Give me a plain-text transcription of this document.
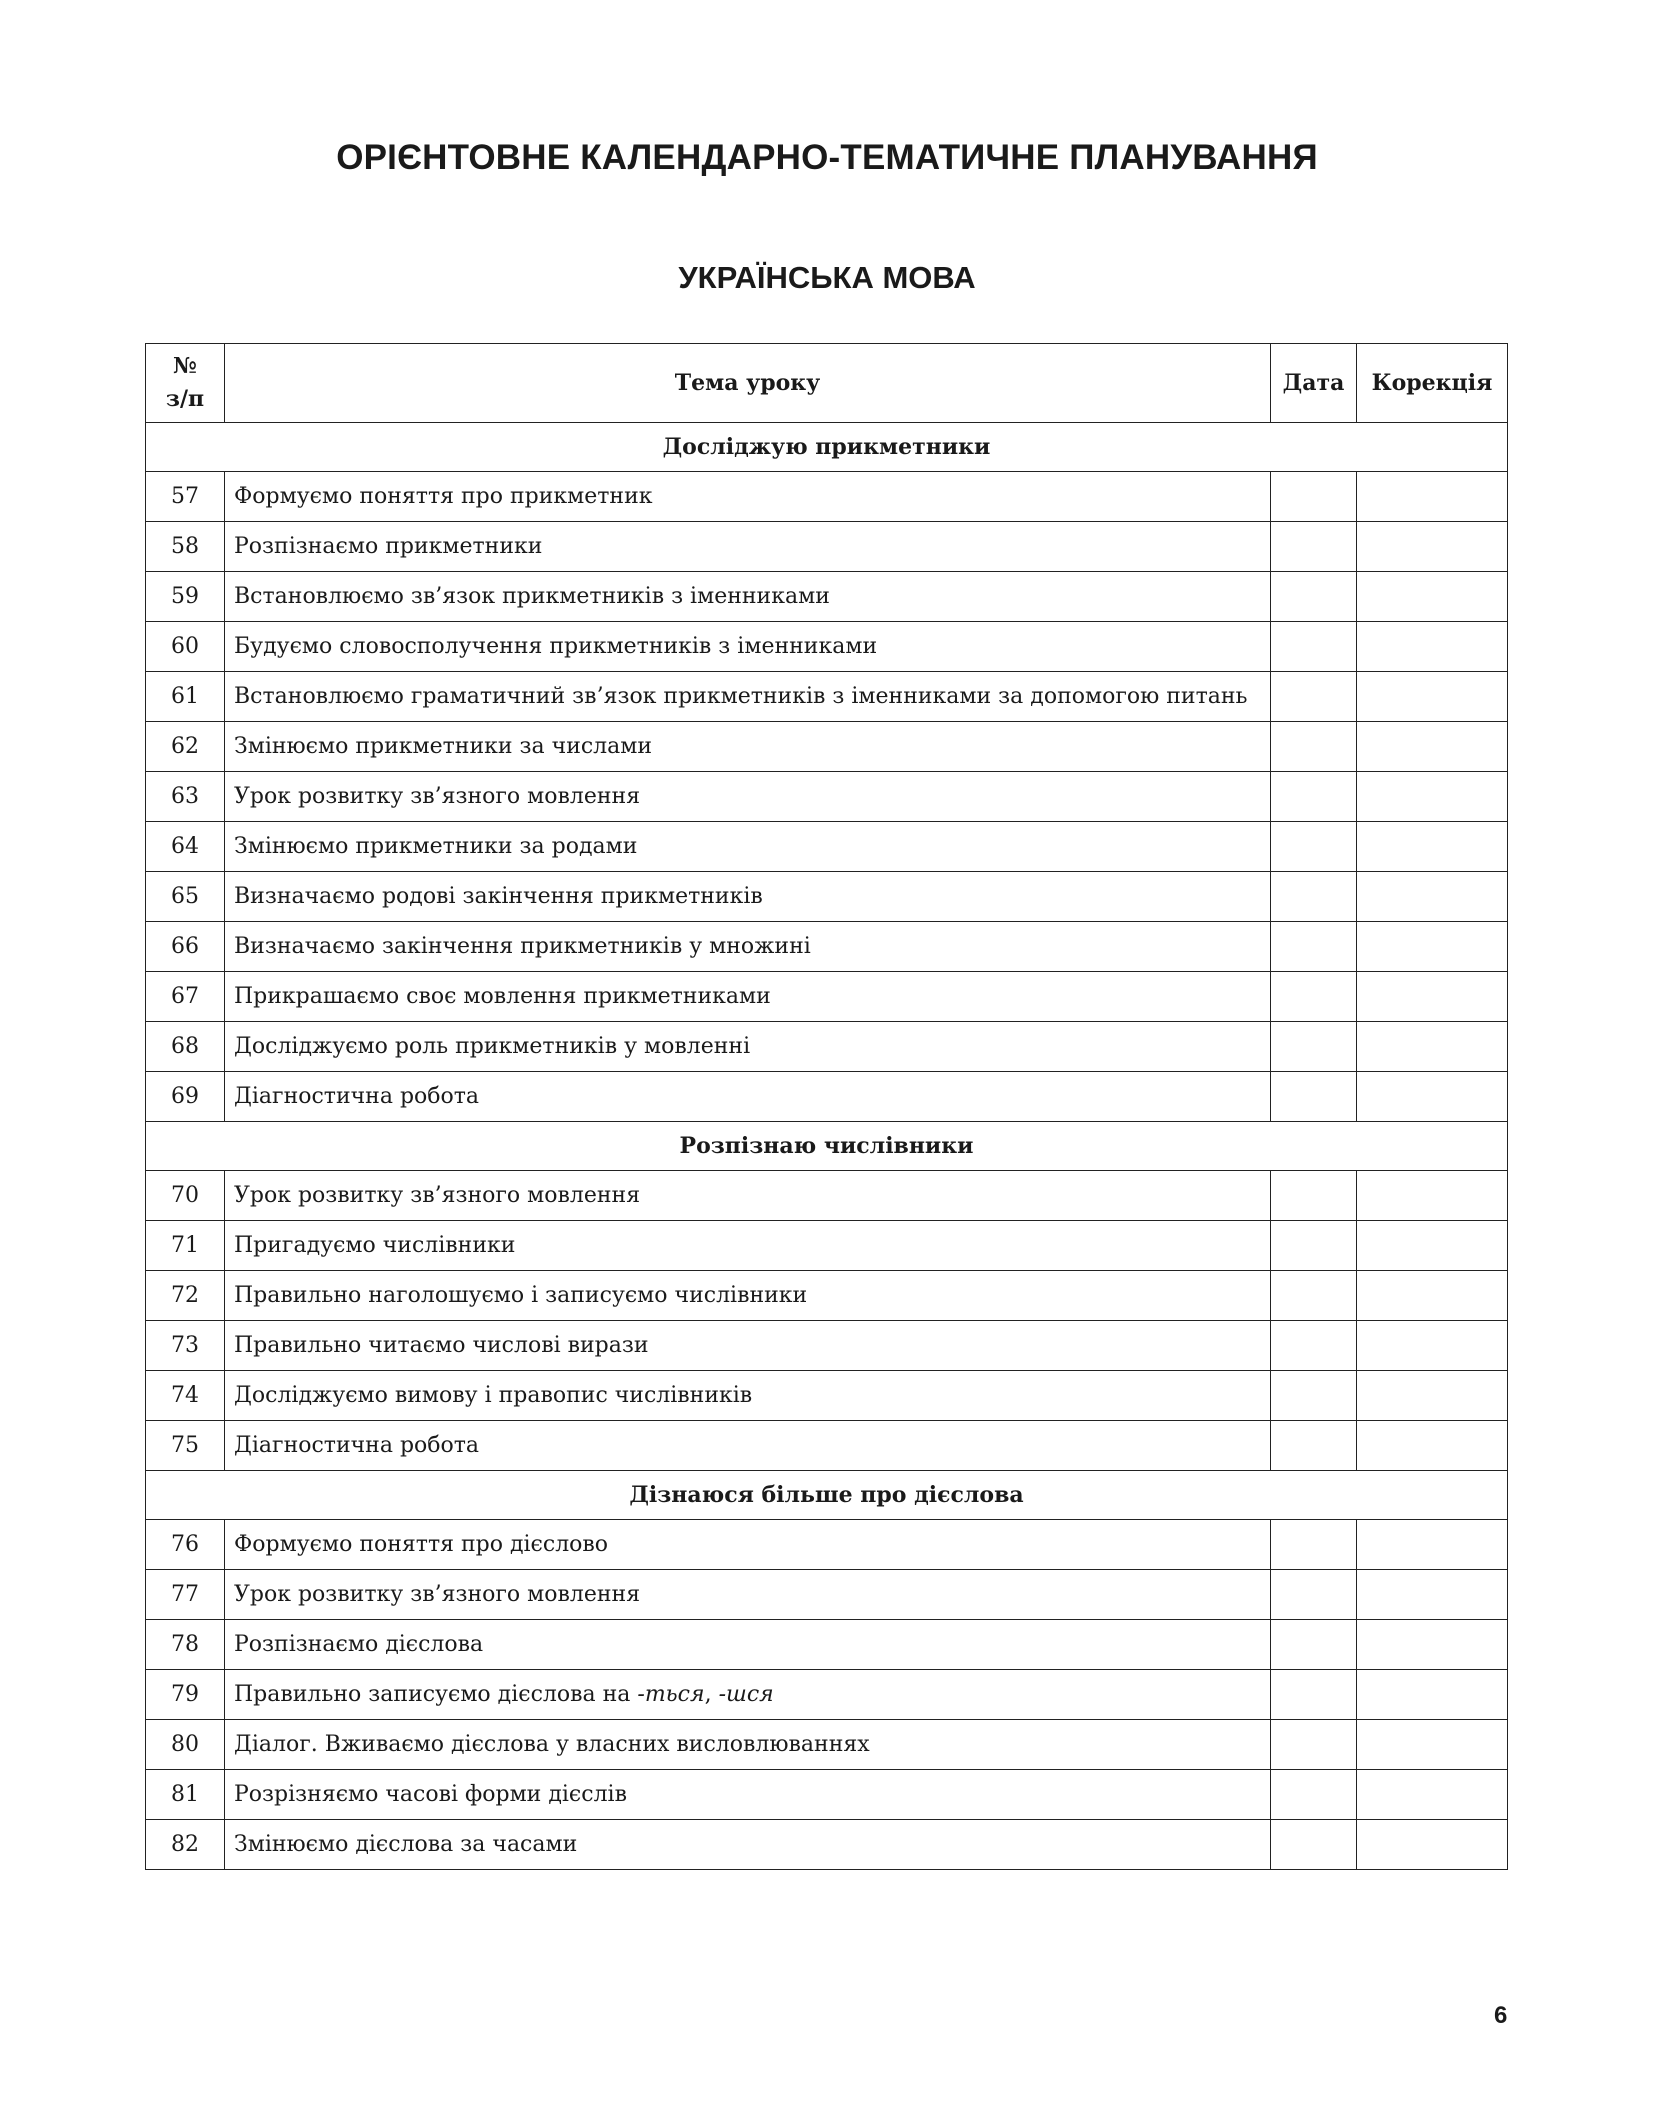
ОРІЄНТОВНЕ КАЛЕНДАРНО-ТЕМАТИЧНЕ ПЛАНУВАННЯ
УКРАЇНСЬКА МОВА
№
з/п	Тема уроку	Дата	Корекція
Досліджую прикметники			
57	Формуємо поняття про прикметник		
58	Розпізнаємо прикметники		
59	Встановлюємо зв’язок прикметників з іменниками		
60	Будуємо словосполучення прикметників з іменниками		
61	Встановлюємо граматичний зв’язок прикметників з іменниками за допомогою питань		
62	Змінюємо прикметники за числами		
63	Урок розвитку зв’язного мовлення		
64	Змінюємо прикметники за родами		
65	Визначаємо родові закінчення прикметників		
66	Визначаємо закінчення прикметників у множині		
67	Прикрашаємо своє мовлення прикметниками		
68	Досліджуємо роль прикметників у мовленні		
69	Діагностична робота		
Розпізнаю числівники			
70	Урок розвитку зв’язного мовлення		
71	Пригадуємо числівники		
72	Правильно наголошуємо і записуємо числівники		
73	Правильно читаємо числові вирази		
74	Досліджуємо вимову і правопис числівників		
75	Діагностична робота		
Дізнаюся більше про дієслова			
76	Формуємо поняття про дієслово		
77	Урок розвитку зв’язного мовлення		
78	Розпізнаємо дієслова		
79	Правильно записуємо дієслова на -ться, -шся		
80	Діалог. Вживаємо дієслова у власних висловлюваннях		
81	Розрізняємо часові форми дієслів		
82	Змінюємо дієслова за часами		
6
